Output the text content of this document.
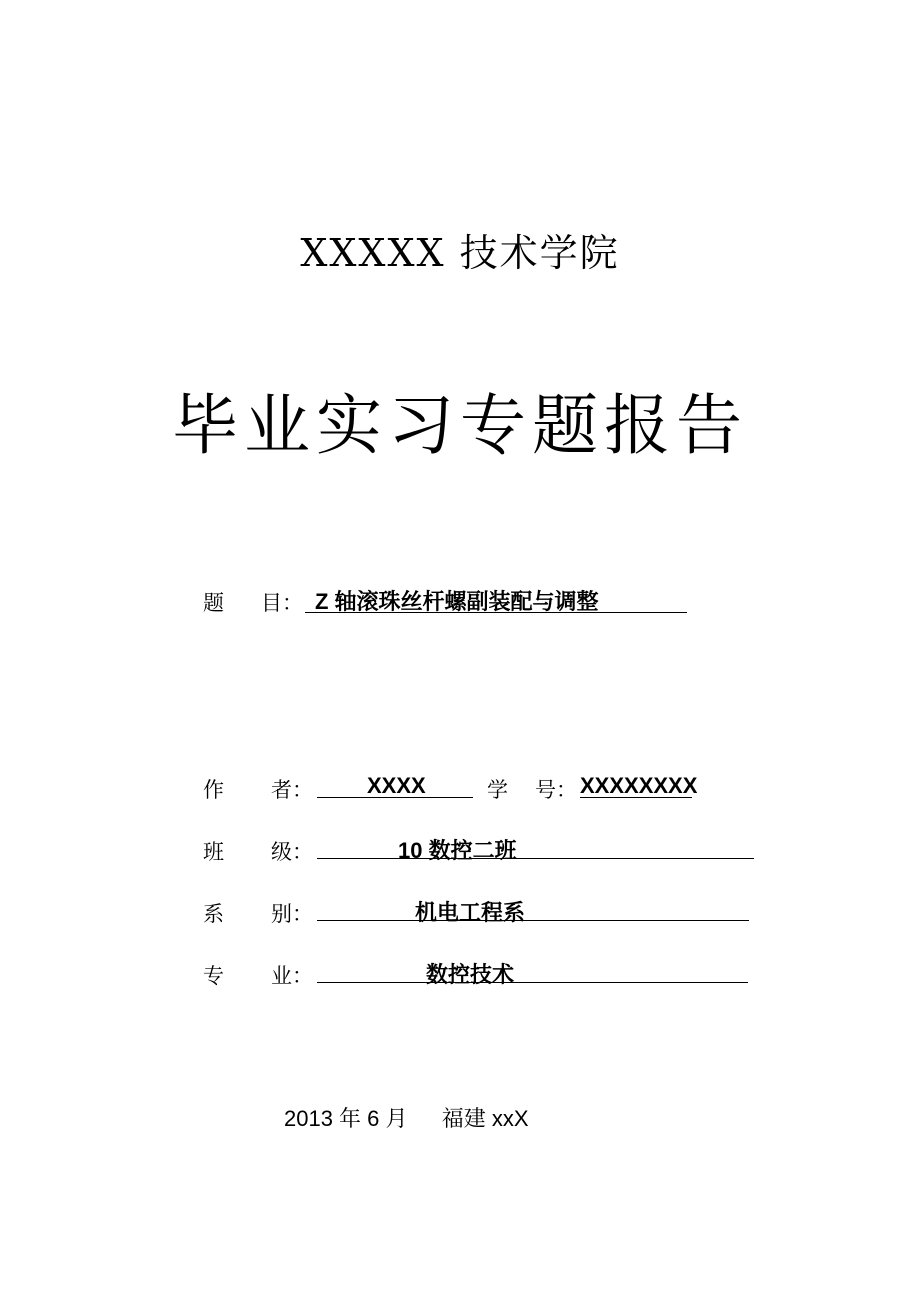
XXXXX 技术学院
毕业实习专题报告
题 目： Z 轴滚珠丝杆螺副装配与调整
作 者： XXXX	学 号： XXXXXXXX
班 级：	10 数控二班
系 别：	机电工程系
专 业：	数控技术
2013 年 6 月 福建 xxX
